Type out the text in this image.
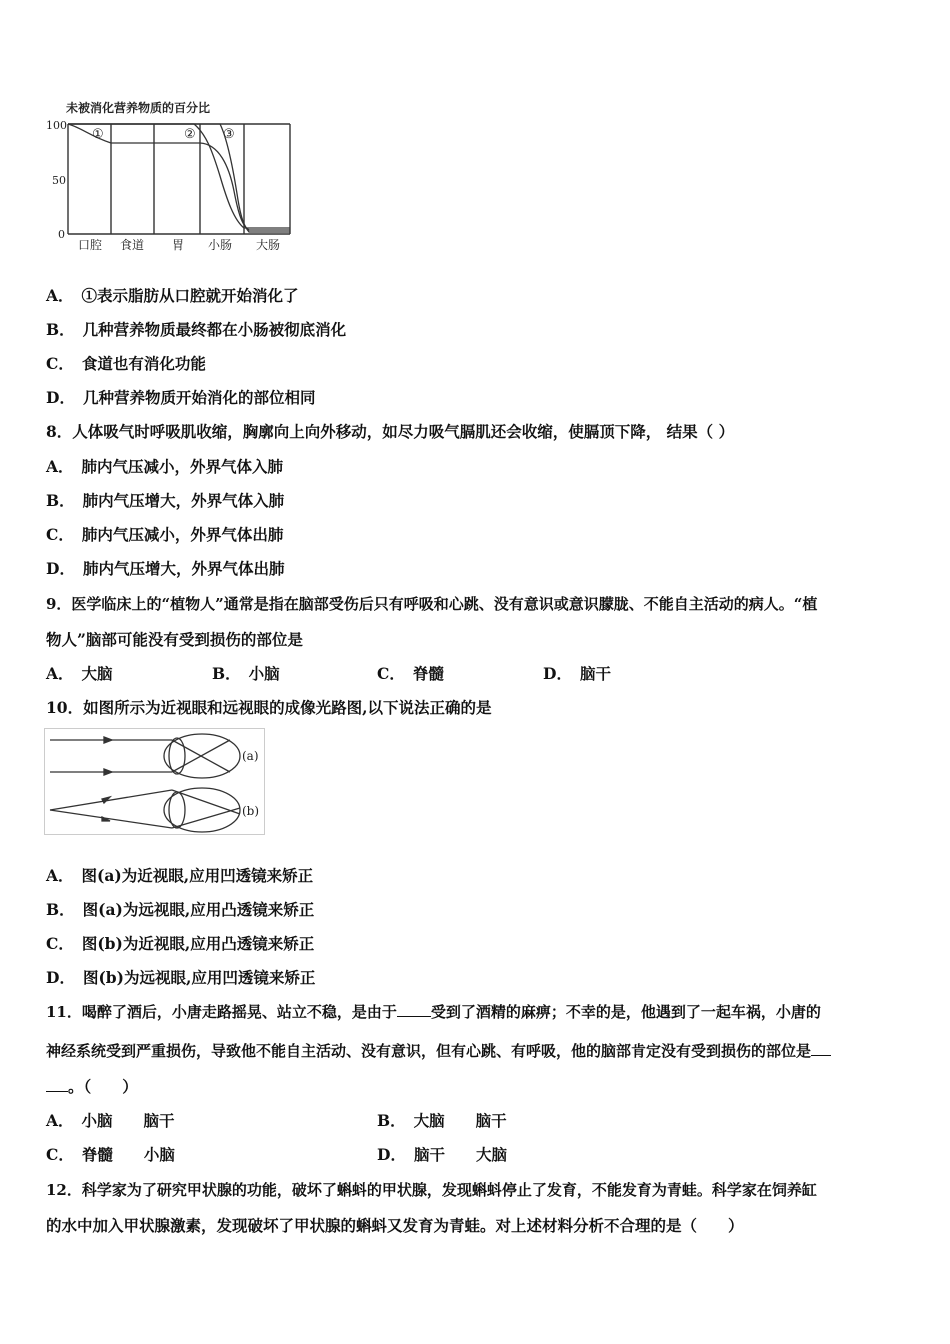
未被消化营养物质的百分比
100
50
0
①	② ③
口腔 食道 胃 小肠 大肠
A． ①表示脂肪从口腔就开始消化了
B． 几种营养物质最终都在小肠被彻底消化
C． 食道也有消化功能
D． 几种营养物质开始消化的部位相同
8．人体吸气时呼吸肌收缩，胸廓向上向外移动，如尽力吸气膈肌还会收缩，使膈顶下降， 结果（ ）
A． 肺内气压减小，外界气体入肺
B． 肺内气压增大，外界气体入肺
C． 肺内气压减小，外界气体出肺
D． 肺内气压增大，外界气体出肺
9．医学临床上的“植物人”通常是指在脑部受伤后只有呼吸和心跳、没有意识或意识朦胧、不能自主活动的病人。“植
物人”脑部可能没有受到损伤的部位是
A． 大脑	B． 小脑	C． 脊髓	D． 脑干
10．如图所示为近视眼和远视眼的成像光路图,以下说法正确的是
(a)
(b)
A． 图(a)为近视眼,应用凹透镜来矫正
B． 图(a)为远视眼,应用凸透镜来矫正
C． 图(b)为近视眼,应用凸透镜来矫正
D． 图(b)为远视眼,应用凹透镜来矫正
11．喝醉了酒后，小唐走路摇晃、站立不稳，是由于 受到了酒精的麻痹；不幸的是，他遇到了一起车祸，小唐的
神经系统受到严重损伤，导致他不能自主活动、没有意识，但有心跳、有呼吸，他的脑部肯定没有受到损伤的部位是
。（　　）
A． 小脑　　脑干	B． 大脑　　脑干
C． 脊髓　　小脑	D． 脑干　　大脑
12．科学家为了研究甲状腺的功能，破坏了蝌蚪的甲状腺，发现蝌蚪停止了发育，不能发育为青蛙。科学家在饲养缸
的水中加入甲状腺激素，发现破坏了甲状腺的蝌蚪又发育为青蛙。对上述材料分析不合理的是（　　）
